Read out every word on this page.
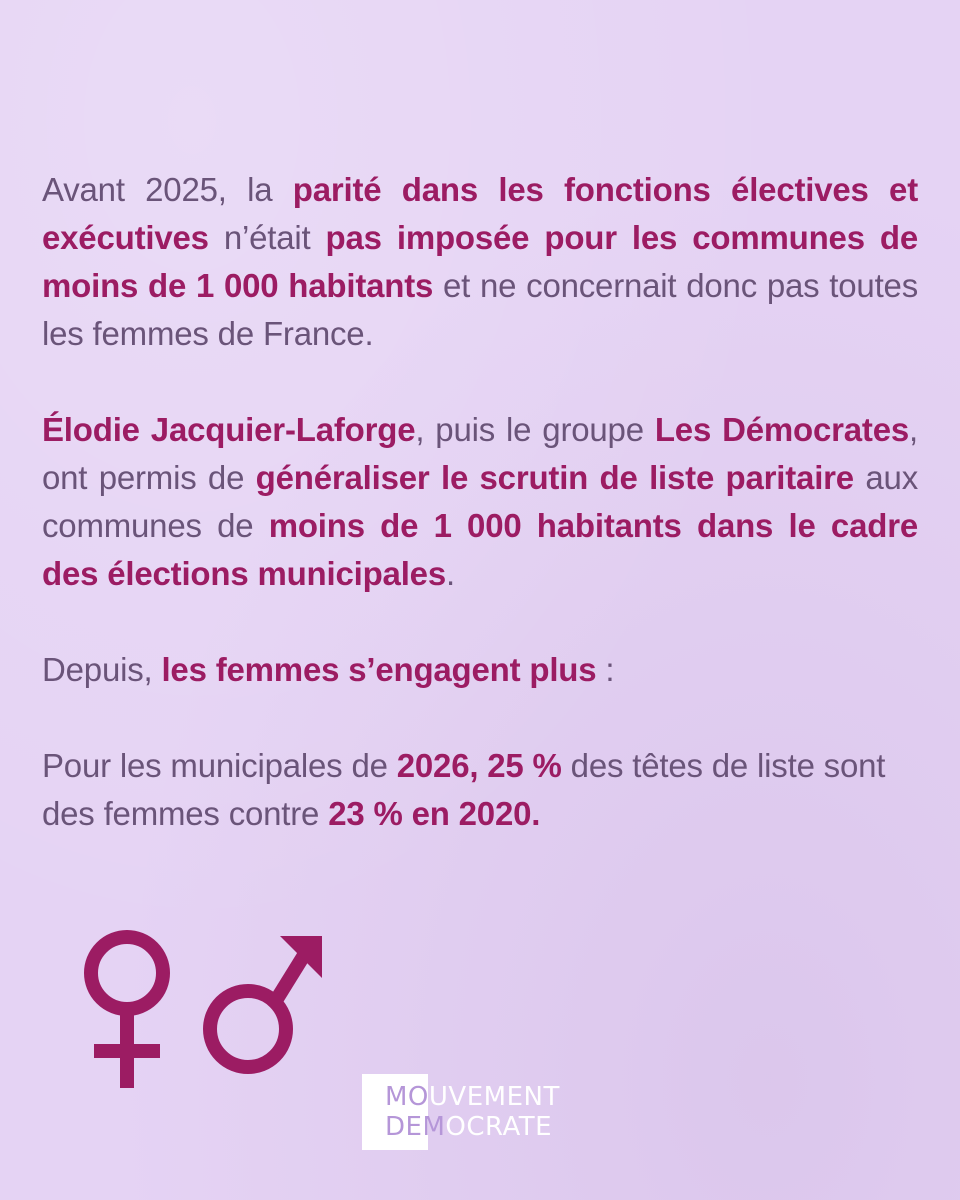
Avant 2025, la parité dans les fonctions électives et exécutives n’était pas imposée pour les communes de moins de 1 000 habitants et ne concernait donc pas toutes les femmes de France.

Élodie Jacquier-Laforge, puis le groupe Les Démocrates, ont permis de généraliser le scrutin de liste paritaire aux communes de moins de 1 000 habitants dans le cadre des élections municipales.

Depuis, les femmes s’engagent plus :

Pour les municipales de 2026, 25 % des têtes de liste sont des femmes contre 23 % en 2020.

MOUVEMENT
DEMOCRATE
